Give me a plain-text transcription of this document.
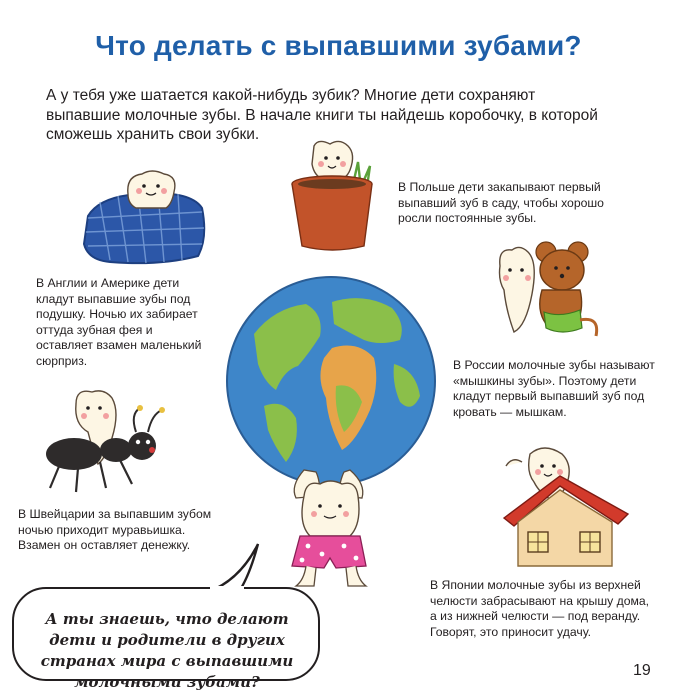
Что делать с выпавшими зубами?
А у тебя уже шатается какой-нибудь зубик? Многие дети сохраняют выпавшие молочные зубы. В начале книги ты найдешь коробочку, в которой сможешь хранить свои зубки.
В Польше дети закапывают первый выпавший зуб в саду, чтобы хорошо росли постоянные зубы.
В Англии и Америке дети кладут выпавшие зубы под подушку. Ночью их забирает оттуда зубная фея и оставляет взамен маленький сюрприз.	В России молочные зубы называют «мышкины зубы». Поэтому дети кладут первый выпавший зуб под кровать — мышкам.
В Швейцарии за выпавшим зубом ночью приходит муравьишка. Взамен он оставляет денежку.
В Японии молочные зубы из верхней челюсти забрасывают на крышу дома, а из нижней челюсти — под веранду. Говорят, это приносит удачу.
А ты знаешь, что делают дети и родители в других странах мира с выпавшими молочными зубами?
19
